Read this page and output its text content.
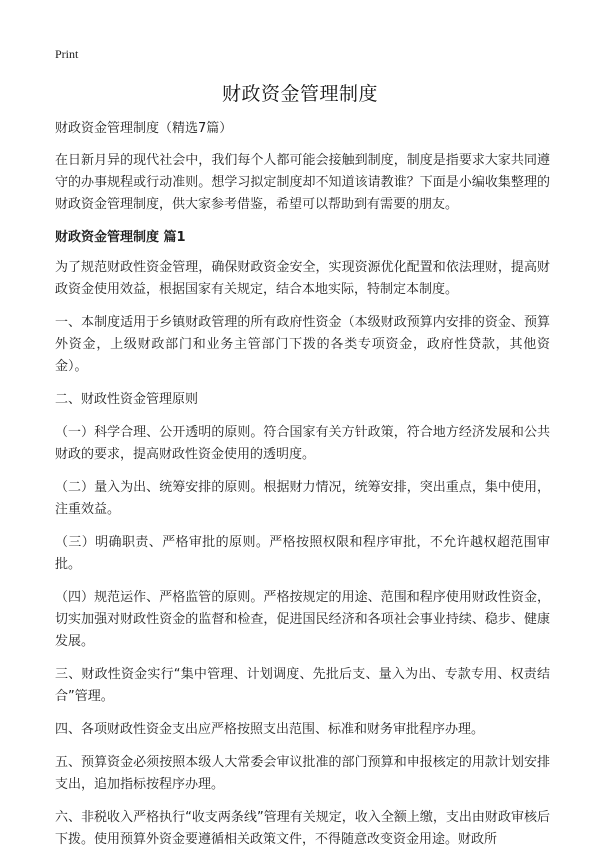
Print
财政资金管理制度

财政资金管理制度（精选7篇）

在日新月异的现代社会中，我们每个人都可能会接触到制度，制度是指要求大家共同遵守的办事规程或行动准则。想学习拟定制度却不知道该请教谁？下面是小编收集整理的财政资金管理制度，供大家参考借鉴，希望可以帮助到有需要的朋友。

财政资金管理制度 篇1

为了规范财政性资金管理，确保财政资金安全，实现资源优化配置和依法理财，提高财政资金使用效益，根据国家有关规定，结合本地实际，特制定本制度。

一、本制度适用于乡镇财政管理的所有政府性资金（本级财政预算内安排的资金、预算外资金，上级财政部门和业务主管部门下拨的各类专项资金，政府性贷款，其他资金）。

二、财政性资金管理原则

（一）科学合理、公开透明的原则。符合国家有关方针政策，符合地方经济发展和公共财政的要求，提高财政性资金使用的透明度。

（二）量入为出、统筹安排的原则。根据财力情况，统筹安排，突出重点，集中使用，注重效益。

（三）明确职责、严格审批的原则。严格按照权限和程序审批，不允许越权超范围审批。

（四）规范运作、严格监管的原则。严格按规定的用途、范围和程序使用财政性资金，切实加强对财政性资金的监督和检查，促进国民经济和各项社会事业持续、稳步、健康发展。

三、财政性资金实行“集中管理、计划调度、先批后支、量入为出、专款专用、权责结合”管理。

四、各项财政性资金支出应严格按照支出范围、标准和财务审批程序办理。

五、预算资金必须按照本级人大常委会审议批准的部门预算和申报核定的用款计划安排支出，追加指标按程序办理。

六、非税收入严格执行“收支两条线”管理有关规定，收入全额上缴，支出由财政审核后下拨。使用预算外资金要遵循相关政策文件，不得随意改变资金用途。财政所
